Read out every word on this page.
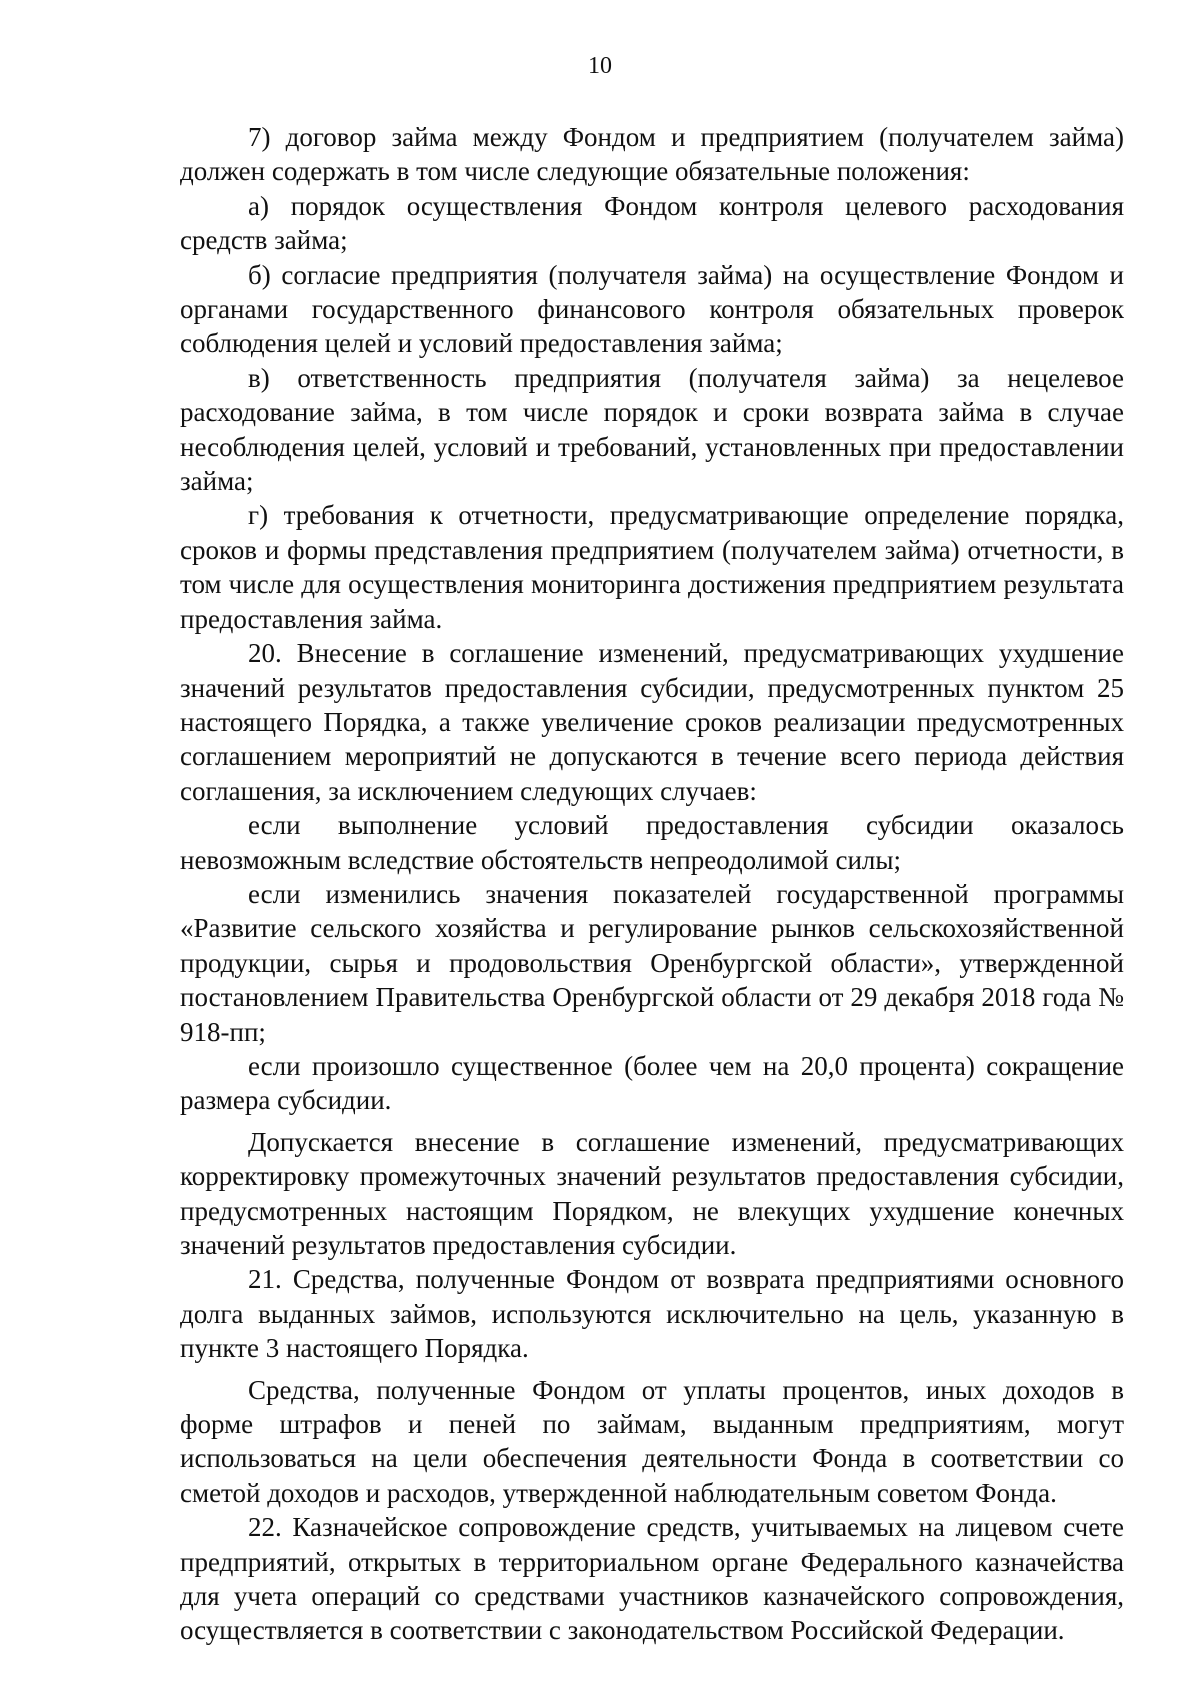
10

7) договор займа между Фондом и предприятием (получателем займа) должен содержать в том числе следующие обязательные положения:

а) порядок осуществления Фондом контроля целевого расходования средств займа;

б) согласие предприятия (получателя займа) на осуществление Фондом и органами государственного финансового контроля обязательных проверок соблюдения целей и условий предоставления займа;

в) ответственность предприятия (получателя займа) за нецелевое расходование займа, в том числе порядок и сроки возврата займа в случае несоблюдения целей, условий и требований, установленных при предоставлении займа;

г) требования к отчетности, предусматривающие определение порядка, сроков и формы представления предприятием (получателем займа) отчетности, в том числе для осуществления мониторинга достижения предприятием результата предоставления займа.

20. Внесение в соглашение изменений, предусматривающих ухудшение значений результатов предоставления субсидии, предусмотренных пунктом 25 настоящего Порядка, а также увеличение сроков реализации предусмотренных соглашением мероприятий не допускаются в течение всего периода действия соглашения, за исключением следующих случаев:

если выполнение условий предоставления субсидии оказалось невозможным вследствие обстоятельств непреодолимой силы;

если изменились значения показателей государственной программы «Развитие сельского хозяйства и регулирование рынков сельскохозяйственной продукции, сырья и продовольствия Оренбургской области», утвержденной постановлением Правительства Оренбургской области от 29 декабря 2018 года № 918-пп;

если произошло существенное (более чем на 20,0 процента) сокращение размера субсидии.

Допускается внесение в соглашение изменений, предусматривающих корректировку промежуточных значений результатов предоставления субсидии, предусмотренных настоящим Порядком, не влекущих ухудшение конечных значений результатов предоставления субсидии.

21. Средства, полученные Фондом от возврата предприятиями основного долга выданных займов, используются исключительно на цель, указанную в пункте 3 настоящего Порядка.

Средства, полученные Фондом от уплаты процентов, иных доходов в форме штрафов и пеней по займам, выданным предприятиям, могут использоваться на цели обеспечения деятельности Фонда в соответствии со сметой доходов и расходов, утвержденной наблюдательным советом Фонда.

22. Казначейское сопровождение средств, учитываемых на лицевом счете предприятий, открытых в территориальном органе Федерального казначейства для учета операций со средствами участников казначейского сопровождения, осуществляется в соответствии с законодательством Российской Федерации.
